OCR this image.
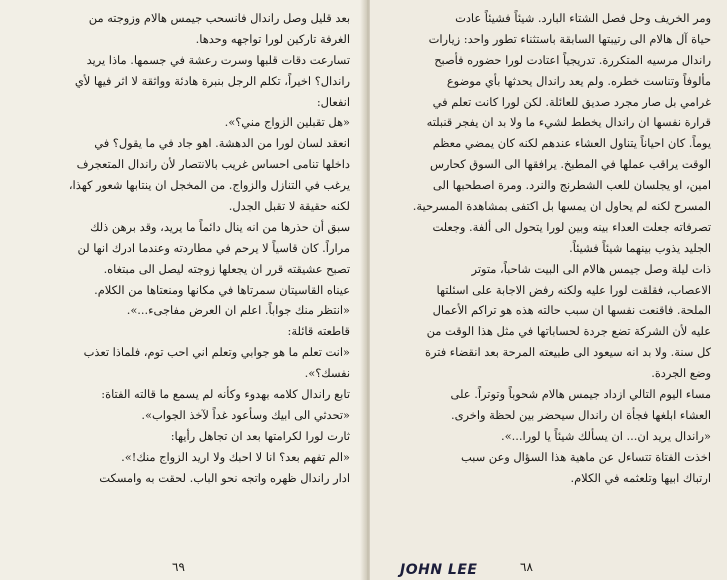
بعد قليل وصل راندال فانسحب جيمس هالام وزوجته من
الغرفة تاركين لورا تواجهه وحدها.
تسارعت دقات قلبها وسرت رعشة في جسمها. ماذا يريد
راندال؟ اخيراً، تكلم الرجل بنبرة هادئة وواثقة لا اثر فيها لأي
انفعال:
«هل تقبلين الزواج مني؟».
انعقد لسان لورا من الدهشة. اهو جاد في ما يقول؟ في
داخلها تنامى احساس غريب بالانتصار لأن راندال المتعجرف
يرغب في التنازل والزواج. من المخجل ان ينتابها شعور كهذا،
لكنه حقيقة لا تقبل الجدل.
سبق أن حذرها من انه ينال دائماً ما يريد، وقد برهن ذلك
مراراً. كان قاسياً لا يرحم في مطاردته وعندما ادرك انها لن
تصبح عشيقته قرر ان يجعلها زوجته ليصل الى مبتغاه.
عيناه القاسيتان سمرتاها في مكانها ومنعتاها من الكلام.
«انتظر منك جواباً. اعلم ان العرض مفاجىء...».
قاطعته قائلة:
«انت تعلم ما هو جوابي وتعلم اني احب توم، فلماذا تعذب
نفسك؟».
تابع راندال كلامه بهدوء وكأنه لم يسمع ما قالته الفتاة:
«تحدثي الى ابيك وسأعود غداً لآخذ الجواب».
ثارت لورا لكرامتها بعد ان تجاهل رأيها:
«الم تفهم بعد؟ انا لا احبك ولا اريد الزواج منك!».
ادار راندال ظهره واتجه نحو الباب. لحقت به وامسكت
٦٩
ومر الخريف وحل فصل الشتاء البارد. شيئاً فشيئاً عادت
حياة آل هالام الى رتيبتها السابقة باستثناء تطور واحد: زيارات
راندال مرسيه المتكررة. تدريجياً اعتادت لورا حضوره فأصبح
مألوفاً وتناست خطره. ولم يعد راندال يحدثها بأي موضوع
غرامي بل صار مجرد صديق للعائلة. لكن لورا كانت تعلم في
قرارة نفسها ان راندال يخطط لشيء ما ولا بد ان يفجر قنبلته
يوماً. كان احياناً يتناول العشاء عندهم لكنه كان يمضي معظم
الوقت يراقب عملها في المطبخ. يرافقها الى السوق كحارس
امين، او يجلسان للعب الشطرنج والنرد. ومرة اصطحبها الى
المسرح لكنه لم يحاول ان يمسها بل اكتفى بمشاهدة المسرحية.
تصرفاته جعلت العداء بينه وبين لورا يتحول الى ألفة. وجعلت
الجليد يذوب بينهما شيئاً فشيئاً.
ذات ليلة وصل جيمس هالام الى البيت شاحباً، متوتر
الاعصاب، فقلقت لورا عليه ولكنه رفض الاجابة على اسئلتها
الملحة. فاقنعت نفسها ان سبب حالته هذه هو تراكم الأعمال
عليه لأن الشركة تضع جردة لحساباتها في مثل هذا الوقت من
كل سنة. ولا بد انه سيعود الى طبيعته المرحة بعد انقضاء فترة
وضع الجردة.
مساء اليوم التالي ازداد جيمس هالام شحوباً وتوتراً. على
العشاء ابلغها فجأة ان راندال سيحضر بين لحظة واخرى.
«راندال يريد ان... ان يسألك شيئاً يا لورا...».
اخذت الفتاة تتساءل عن ماهية هذا السؤال وعن سبب
ارتباك ابيها وتلعثمه في الكلام.
٦٨
JOHN LEE
